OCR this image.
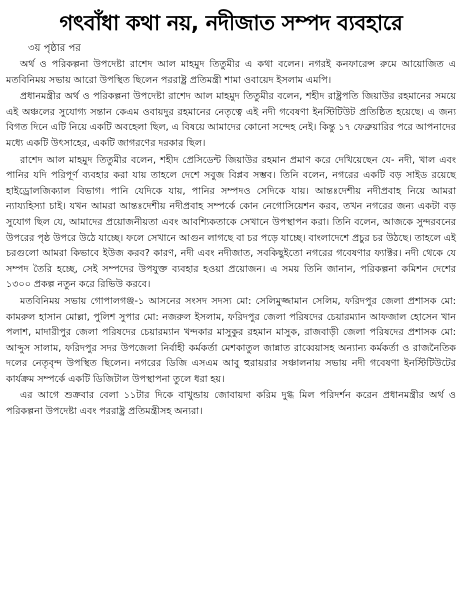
গৎবাঁধা কথা নয়, নদীজাত সম্পদ ব্যবহারে
৩য় পৃষ্ঠার পর

অর্থ ও পরিকল্পনা উপদেষ্টা রাশেদ আল মাহমুদ তিতুমীর এ কথা বলেন। নগরই কনফারেন্স রুমে আয়োজিত এ মতবিনিময় সভায় আরো উপস্থিত ছিলেন পররাষ্ট্র প্রতিমন্ত্রী শামা ওবায়েদ ইসলাম এমপি।

প্রধানমন্ত্রীর অর্থ ও পরিকল্পনা উপদেষ্টা রাশেদ আল মাহমুদ তিতুমীর বলেন, শহীদ রাষ্ট্রপতি জিয়াউর রহমানের সময়ে এই অঞ্চলের সুযোগ্য সন্তান কেএম ওবায়দুর রহমানের নেতৃত্বে এই নদী গবেষণা ইনস্টিটিউট প্রতিষ্ঠিত হয়েছে। এ জন্য বিগত দিনে এটি নিয়ে একটি অবহেলা ছিল, এ বিষয়ে আমাদের কোনো সন্দেহ নেই। কিন্তু ১৭ ফেব্রুয়ারির পরে আপনাদের মধ্যে একটি উৎসাহের, একটি জাগরণের দরকার ছিল।

রাশেদ আল মাহমুদ তিতুমীর বলেন, শহীদ প্রেসিডেন্ট জিয়াউর রহমান প্রমাণ করে দেখিয়েছেন যে- নদী, খাল এবং পানির যদি পরিপূর্ণ ব্যবহার করা যায় তাহলে দেশে সবুজ বিপ্লব সম্ভব। তিনি বলেন, নগরের একটি বড় সাইড রয়েছে হাইড্রোলজিক্যাল বিভাগ। পানি যেদিকে যায়, পানির সম্পদও সেদিকে যায়। আন্তঃদেশীয় নদীপ্রবাহ নিয়ে আমরা ন্যায্যহিস্যা চাই। যখন আমরা আন্তঃদেশীয় নদীপ্রবাহ সম্পর্কে কোন নেগোসিয়েশন করব, তখন নগরের জন্য একটা বড় সুযোগ ছিল যে, আমাদের প্রয়োজনীয়তা এবং আবশ্যিকতাকে সেখানে উপস্থাপন করা। তিনি বলেন, আজকে সুন্দরবনের উপরের পৃষ্ঠ উপরে উঠে যাচ্ছে। ফলে সেখানে আগুন লাগছে বা চর পড়ে যাচ্ছে। বাংলাদেশে প্রচুর চর উঠছে। তাহলে এই চরগুলো আমরা কিভাবে ইউজ করব? কারণ, নদী এবং নদীজাত, সবকিছুইতো নগরের গবেষণার ফ্যাক্টর। নদী থেকে যে সম্পদ তৈরি হচ্ছে, সেই সম্পদের উপযুক্ত ব্যবহার হওয়া প্রয়োজন। এ সময় তিনি জানান, পরিকল্পনা কমিশন দেশের ১৩০০ প্রকল্প নতুন করে রিভিউ করবে।

মতবিনিময় সভায় গোপালগঞ্জ-১ আসনের সংসদ সদস্য মো: সেলিমুজ্জামান সেলিম, ফরিদপুর জেলা প্রশাসক মো: কামরুল হাসান মোল্লা, পুলিশ সুপার মো: নজরুল ইসলাম, ফরিদপুর জেলা পরিষদের চেয়ারম্যান আফজাল হোসেন খান পলাশ, মাদারীপুর জেলা পরিষদের চেয়ারম্যান খন্দকার মাসুকুর রহমান মাসুক, রাজবাড়ী জেলা পরিষদের প্রশাসক মো: আব্দুস সালাম, ফরিদপুর সদর উপজেলা নির্বাহী কর্মকর্তা মেশকাতুল জান্নাত রাব্বেয়াসহ অন্যান্য কর্মকর্তা ও রাজনৈতিক দলের নেতৃবৃন্দ উপস্থিত ছিলেন। নগরের ডিজি এসএম আবু হুরায়রার সঞ্চালনায় সভায় নদী গবেষণা ইনস্টিটিউটের কার্যক্রম সম্পর্কে একটি ডিজিটাল উপস্থাপনা তুলে ধরা হয়।

এর আগে শুক্রবার বেলা ১১টার দিকে বাখুন্ডায় জোবায়দা করিম দুগ্ধ মিল পরিদর্শন করেন প্রধানমন্ত্রীর অর্থ ও পরিকল্পনা উপদেষ্টা এবং পররাষ্ট্র প্রতিমন্ত্রীসহ অন্যরা।
